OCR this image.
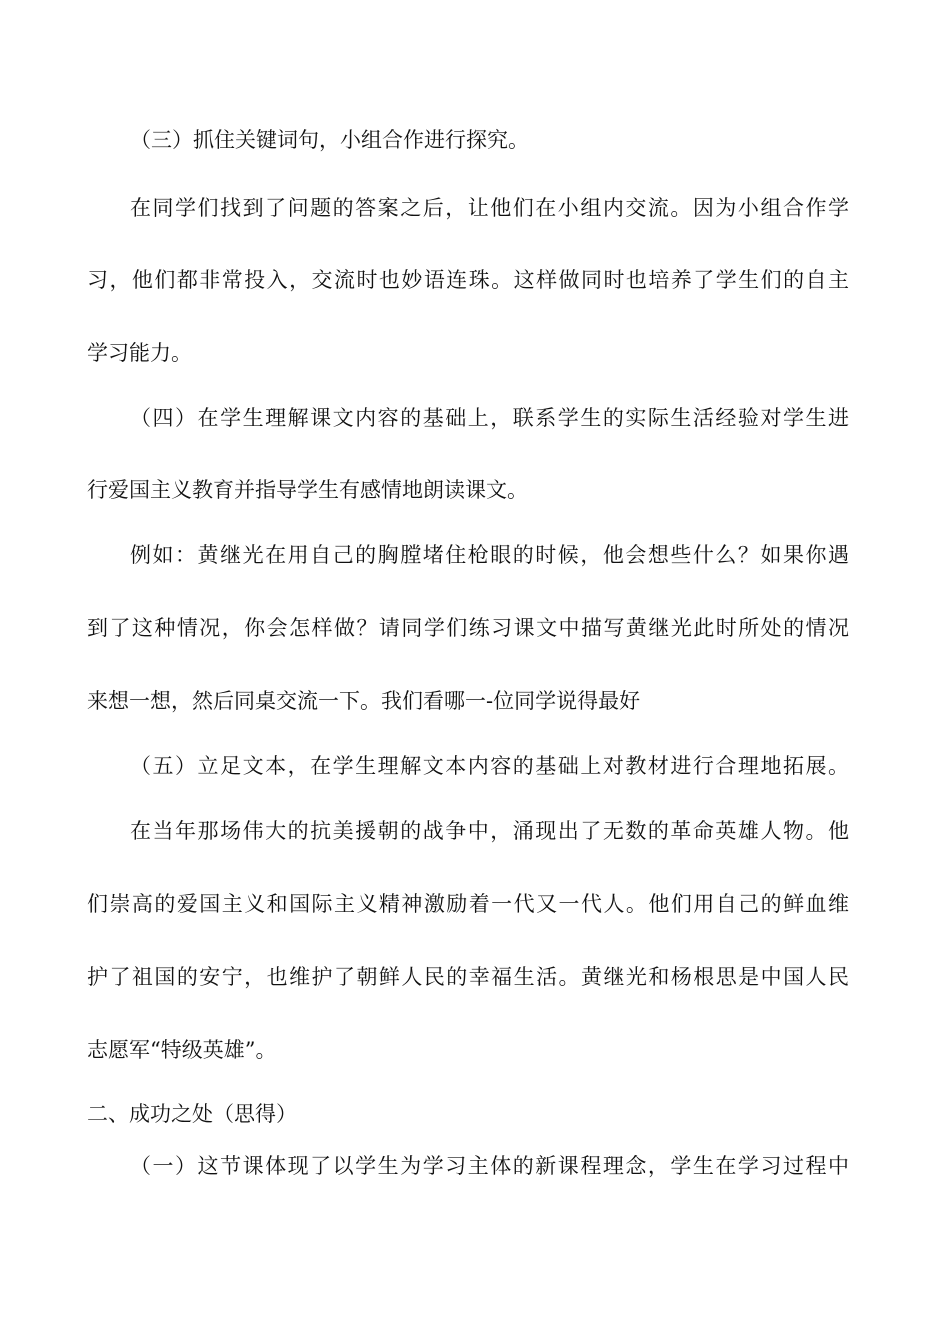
（三）抓住关键词句，小组合作进行探究。
在同学们找到了问题的答案之后，让他们在小组内交流。因为小组合作学
习，他们都非常投入，交流时也妙语连珠。这样做同时也培养了学生们的自主
学习能力。
（四）在学生理解课文内容的基础上，联系学生的实际生活经验对学生进
行爱国主义教育并指导学生有感情地朗读课文。
例如：黄继光在用自己的胸膛堵住枪眼的时候，他会想些什么？如果你遇
到了这种情况，你会怎样做？请同学们练习课文中描写黄继光此时所处的情况
来想一想，然后同桌交流一下。我们看哪一-位同学说得最好
（五）立足文本，在学生理解文本内容的基础上对教材进行合理地拓展。
在当年那场伟大的抗美援朝的战争中，涌现出了无数的革命英雄人物。他
们崇高的爱国主义和国际主义精神激励着一代又一代人。他们用自己的鲜血维
护了祖国的安宁，也维护了朝鲜人民的幸福生活。黄继光和杨根思是中国人民
志愿军“特级英雄”。
二、成功之处（思得）
（一）这节课体现了以学生为学习主体的新课程理念，学生在学习过程中
